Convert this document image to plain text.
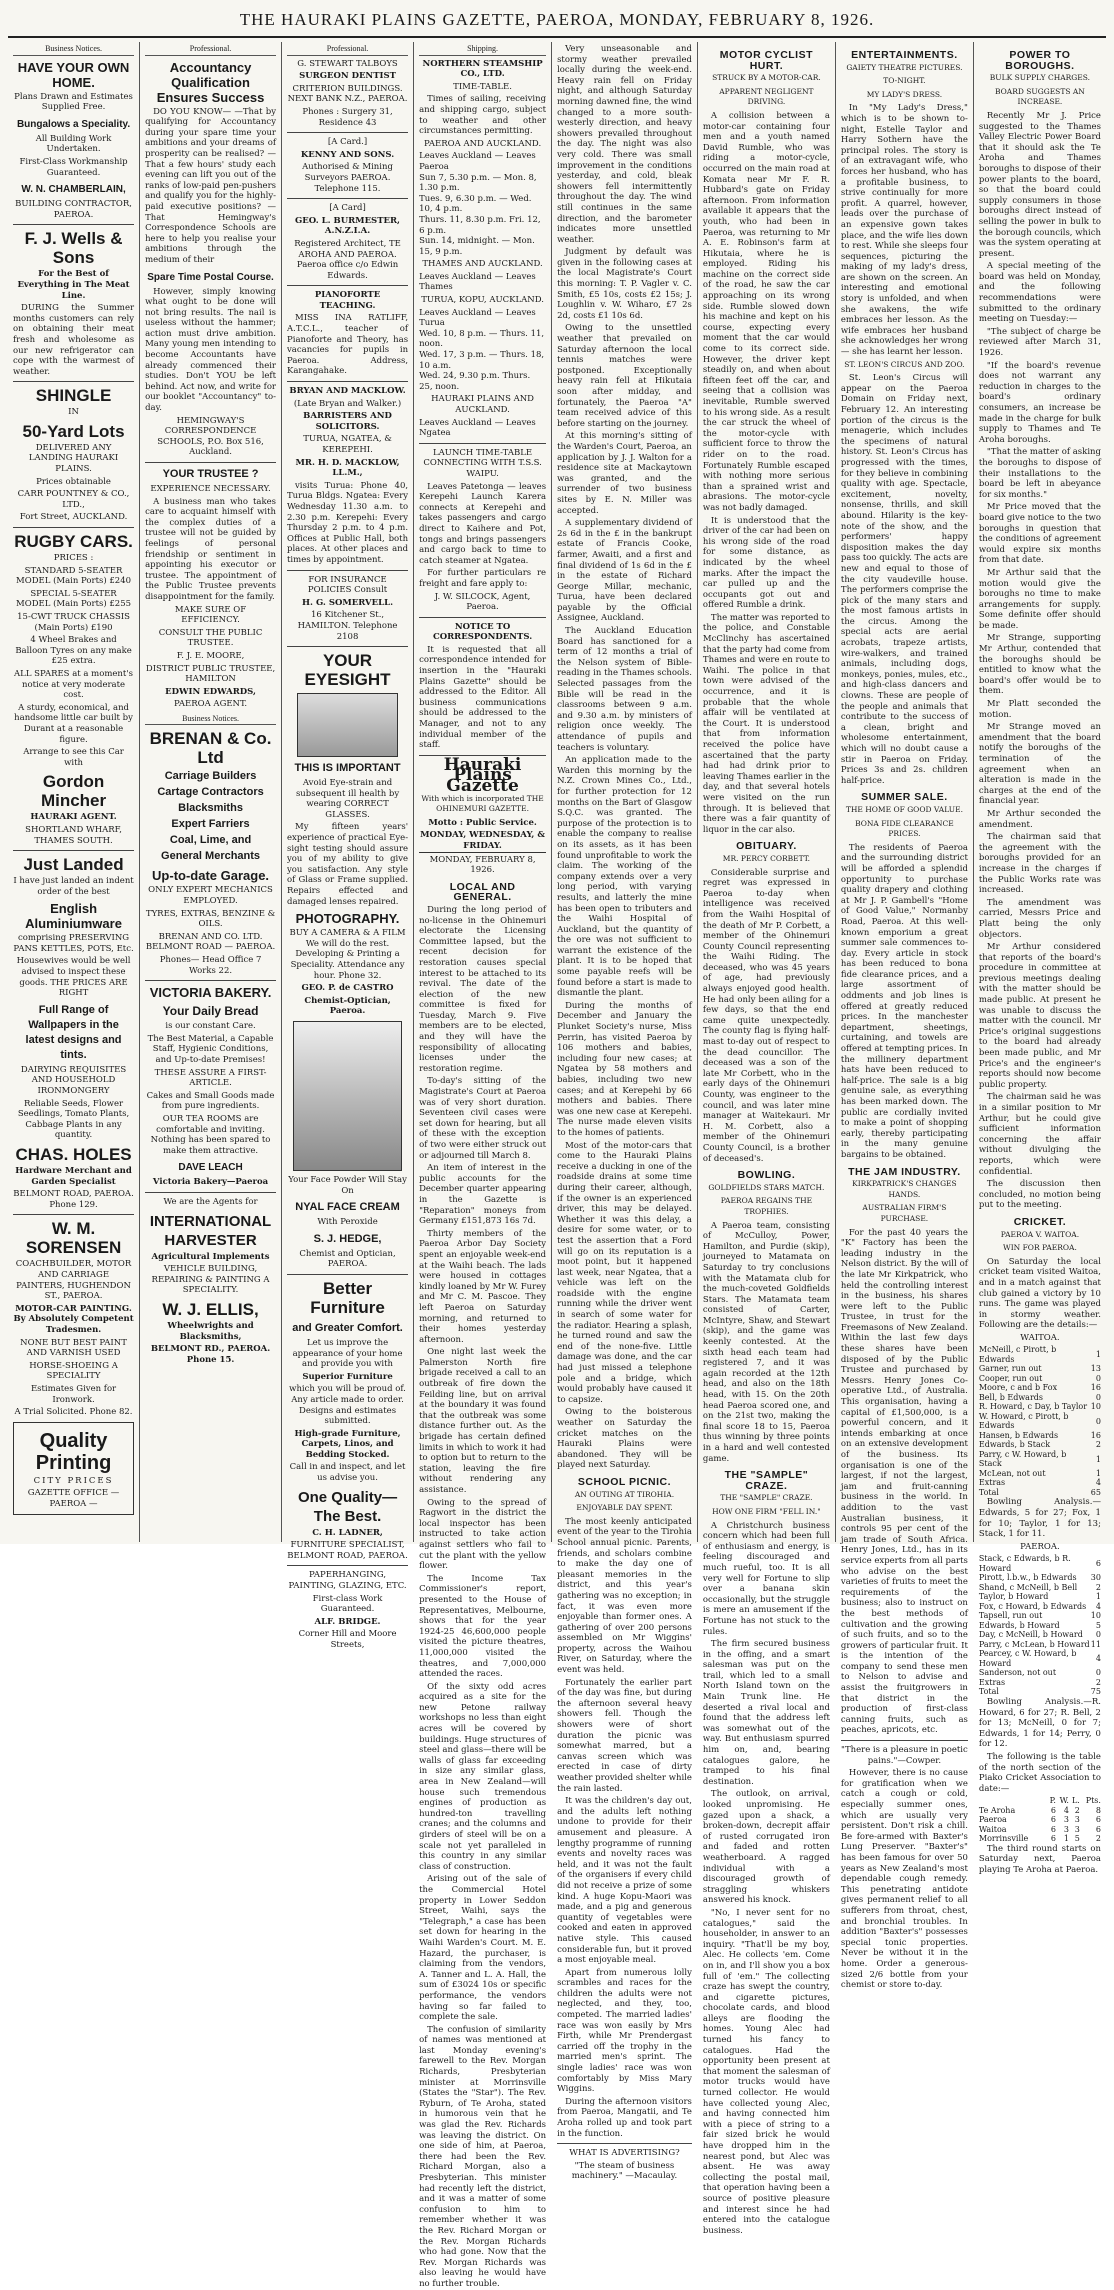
THE HAURAKI PLAINS GAZETTE, PAEROA, MONDAY, FEBRUARY 8, 1926.
Business Notices.
HAVE YOUR OWN HOME.
Plans Drawn and Estimates Supplied Free.
Bungalows a Speciality.
All Building Work Undertaken.
First-Class Workmanship Guaranteed.
W. N. CHAMBERLAIN,
BUILDING CONTRACTOR, PAEROA.
F. J. Wells & Sons
For the Best of Everything in The Meat Line.
DURING the Summer months customers can rely on obtaining their meat fresh and wholesome as our new refrigerator can cope with the warmest of weather.
SHINGLE
IN
50-Yard Lots
DELIVERED ANY LANDING HAURAKI PLAINS.
Prices obtainable
CARR POUNTNEY & CO., LTD.,
Fort Street, AUCKLAND.
RUGBY CARS.
PRICES :
STANDARD 5-SEATER MODEL (Main Ports) £240
SPECIAL 5-SEATER MODEL (Main Ports) £255
15-CWT TRUCK CHASSIS (Main Ports) £190
4 Wheel Brakes and Balloon Tyres on any make £25 extra.
ALL SPARES at a moment's notice at very moderate cost.
A sturdy, economical, and handsome little car built by Durant at a reasonable figure.
Arrange to see this Car with
Gordon Mincher
HAURAKI AGENT.
SHORTLAND WHARF, THAMES SOUTH.
Just Landed
I have just landed an indent order of the best
English Aluminiumware
comprising PRESERVING PANS KETTLES, POTS, Etc.
Housewives would be well advised to inspect these goods. THE PRICES ARE RIGHT
Full Range of Wallpapers in the latest designs and tints.
DAIRYING REQUISITES AND HOUSEHOLD IRONMONGERY
Reliable Seeds, Flower Seedlings, Tomato Plants, Cabbage Plants in any quantity.
CHAS. HOLES
Hardware Merchant and Garden Specialist
BELMONT ROAD, PAEROA. Phone 129.
W. M. SORENSEN
COACHBUILDER, MOTOR AND CARRIAGE PAINTERS, HUGHENDON ST., PAEROA.
MOTOR-CAR PAINTING. By Absolutely Competent Tradesmen.
NONE BUT BEST PAINT AND VARNISH USED
HORSE-SHOEING A SPECIALITY
Estimates Given for Ironwork.
A Trial Solicited. Phone 82.
Quality Printing
CITY PRICES
GAZETTE OFFICE — PAEROA —
Professional.
Accountancy Qualification Ensures Success
DO YOU KNOW— —That by qualifying for Accountancy during your spare time your ambitions and your dreams of prosperity can be realised? —That a few hours' study each evening can lift you out of the ranks of low-paid pen-pushers and qualify you for the highly-paid executive positions? —That Hemingway's Correspondence Schools are here to help you realise your ambitions through the medium of their
Spare Time Postal Course.
However, simply knowing what ought to be done will not bring results. The nail is useless without the hammer; action must drive ambition. Many young men intending to become Accountants have already commenced their studies. Don't YOU be left behind. Act now, and write for our booklet "Accountancy" to-day.
HEMINGWAY'S CORRESPONDENCE SCHOOLS, P.O. Box 516, Auckland.
YOUR TRUSTEE ?
EXPERIENCE NECESSARY.
A business man who takes care to acquaint himself with the complex duties of a trustee will not be guided by feelings of personal friendship or sentiment in appointing his executor or trustee. The appointment of the Public Trustee prevents disappointment for the family.
MAKE SURE OF EFFICIENCY.
CONSULT THE PUBLIC TRUSTEE.
F. J. E. MOORE,
DISTRICT PUBLIC TRUSTEE, HAMILTON
EDWIN EDWARDS,
PAEROA AGENT.
Business Notices.
BRENAN & Co. Ltd
Carriage Builders
Cartage Contractors
Blacksmiths
Expert Farriers
Coal, Lime, and
General Merchants
Up-to-date Garage.
ONLY EXPERT MECHANICS EMPLOYED.
TYRES, EXTRAS, BENZINE & OILS.
BRENAN AND CO. LTD. BELMONT ROAD — PAEROA.
Phones— Head Office 7 Works 22.
VICTORIA BAKERY.
Your Daily Bread
is our constant Care.
The Best Material, a Capable Staff, Hygienic Conditions, and Up-to-date Premises!
THESE ASSURE A FIRST-ARTICLE.
Cakes and Small Goods made from pure ingredients.
OUR TEA ROOMS are comfortable and inviting. Nothing has been spared to make them attractive.
DAVE LEACH
Victoria Bakery—Paeroa
We are the Agents for
INTERNATIONAL HARVESTER
Agricultural Implements
VEHICLE BUILDING, REPAIRING & PAINTING A SPECIALITY.
W. J. ELLIS,
Wheelwrights and Blacksmiths,
BELMONT RD., PAEROA. Phone 15.
Professional.
G. STEWART TALBOYS
SURGEON DENTIST
CRITERION BUILDINGS. NEXT BANK N.Z., PAEROA.
Phones : Surgery 31, Residence 43
[A Card.]
KENNY AND SONS.
Authorised & Mining Surveyors PAEROA. Telephone 115.
[A Card]
GEO. L. BURMESTER, A.N.Z.I.A.
Registered Architect, TE AROHA AND PAEROA. Paeroa office c/o Edwin Edwards.
PIANOFORTE TEACHING.
MISS INA RATLIFF, A.T.C.L., teacher of Pianoforte and Theory, has vacancies for pupils in Paeroa. Address, Karangahake.
BRYAN AND MACKLOW.
(Late Bryan and Walker.)
BARRISTERS AND SOLICITORS.
TURUA, NGATEA, & KEREPEHI.
MR. H. D. MACKLOW, LL.M.,
visits Turua: Phone 40, Turua Bldgs. Ngatea: Every Wednesday 11.30 a.m. to 2.30 p.m. Kerepehi: Every Thursday 2 p.m. to 4 p.m. Offices at Public Hall, both places. At other places and times by appointment.
FOR INSURANCE POLICIES Consult
H. G. SOMERVELL.
16 Kitchener St., HAMILTON. Telephone 2108
YOUR EYESIGHT
THIS IS IMPORTANT
Avoid Eye-strain and subsequent ill health by wearing CORRECT GLASSES.
My fifteen years' experience of practical Eye-sight testing should assure you of my ability to give you satisfaction. Any style of Glass or Frame supplied. Repairs effected and damaged lenses repaired.
PHOTOGRAPHY.
BUY A CAMERA & A FILM We will do the rest. Developing & Printing a Speciality. Attendance any hour. Phone 32.
GEO. P. de CASTRO
Chemist-Optician, Paeroa.
Your Face Powder Will Stay On
NYAL FACE CREAM
With Peroxide
S. J. HEDGE,
Chemist and Optician, PAEROA.
Better Furniture
and Greater Comfort.
Let us improve the appearance of your home and provide you with
Superior Furniture
which you will be proud of. Any article made to order. Designs and estimates submitted.
High-grade Furniture, Carpets, Linos, and Bedding Stocked.
Call in and inspect, and let us advise you.
One Quality—The Best.
C. H. LADNER,
FURNITURE SPECIALIST, BELMONT ROAD, PAEROA.
PAPERHANGING, PAINTING, GLAZING, ETC.
First-class Work Guaranteed.
ALF. BRIDGE.
Corner Hill and Moore Streets,
Shipping.
NORTHERN STEAMSHIP CO., LTD.
TIME-TABLE.
Times of sailing, receiving and shipping cargo, subject to weather and other circumstances permitting.
PAEROA AND AUCKLAND.
Leaves Auckland — Leaves Paeroa
Sun 7, 5.30 p.m. — Mon. 8, 1.30 p.m.
Tues. 9, 6.30 p.m. — Wed. 10, 4 p.m.
Thurs. 11, 8.30 p.m. Fri. 12, 6 p.m.
Sun. 14, midnight. — Mon. 15, 9 p.m.
THAMES AND AUCKLAND.
Leaves Auckland — Leaves Thames
TURUA, KOPU, AUCKLAND.
Leaves Auckland — Leaves Turua
Wed. 10, 8 p.m. — Thurs. 11, noon.
Wed. 17, 3 p.m. — Thurs. 18, 10 a.m.
Wed. 24, 9.30 p.m. Thurs. 25, noon.
HAURAKI PLAINS AND AUCKLAND.
Leaves Auckland — Leaves Ngatea
LAUNCH TIME-TABLE CONNECTING WITH T.S.S. WAIPU.
Leaves Patetonga — leaves Kerepehi Launch Karera connects at Kerepehi and takes passengers and cargo direct to Kaihere and Pot, tongs and brings passengers and cargo back to time to catch steamer at Ngatea.
For further particulars re freight and fare apply to:
J. W. SILCOCK, Agent, Paeroa.
NOTICE TO CORRESPONDENTS.
It is requested that all correspondence intended for insertion in the "Hauraki Plains Gazette" should be addressed to the Editor. All business communications should be addressed to the Manager, and not to any individual member of the staff.
Hauraki Plains Gazette
With which is incorporated THE OHINEMURI GAZETTE.
Motto : Public Service.
MONDAY, WEDNESDAY, & FRIDAY.
MONDAY, FEBRUARY 8, 1926.
LOCAL AND GENERAL.
During the long period of no-license in the Ohinemuri electorate the Licensing Committee lapsed, but the recent decision for restoration causes special interest to be attached to its revival. The date of the election of the new committee is fixed for Tuesday, March 9. Five members are to be elected, and they will have the responsibility of allocating licenses under the restoration regime.
To-day's sitting of the Magistrate's Court at Paeroa was of very short duration. Seventeen civil cases were set down for hearing, but all of these with the exception of two were either struck out or adjourned till March 8.
An item of interest in the public accounts for the December quarter appearing in the Gazette is "Reparation" moneys from Germany £151,873 16s 7d.
Thirty members of the Paeroa Arbor Day Society spent an enjoyable week-end at the Waihi beach. The lads were housed in cottages kindly loaned by Mr W. Furey and Mr C. M. Pascoe. They left Paeroa on Saturday morning, and returned to their homes yesterday afternoon.
One night last week the Palmerston North fire brigade received a call to an outbreak of fire down the Feilding line, but on arrival at the boundary it was found that the outbreak was some distance further out. As the brigade has certain defined limits in which to work it had to option but to return to the station, leaving the fire without rendering any assistance.
Owing to the spread of Ragwort in the district the local inspector has been instructed to take action against settlers who fail to cut the plant with the yellow flower.
The Income Tax Commissioner's report, presented to the House of Representatives, Melbourne, shows that for the year 1924-25 46,600,000 people visited the picture theatres, 11,000,000 visited the theatres, and 7,000,000 attended the races.
Of the sixty odd acres acquired as a site for the new Petone railway workshops no less than eight acres will be covered by buildings. Huge structures of steel and glass—there will be walls of glass far exceeding in size any similar glass, area in New Zealand—will house such tremendous engines of production as hundred-ton travelling cranes; and the columns and girders of steel will be on a scale not yet paralleled in this country in any similar class of construction.
Arising out of the sale of the Commercial Hotel property in Lower Seddon Street, Waihi, says the "Telegraph," a case has been set down for hearing in the Waihi Warden's Court. M. E. Hazard, the purchaser, is claiming from the vendors, A. Tanner and L. A. Hall, the sum of £3024 10s or specific performance, the vendors having so far failed to complete the sale.
The confusion of similarity of names was mentioned at last Monday evening's farewell to the Rev. Morgan Richards, Presbyterian minister at Morrinsville (States the "Star"). The Rev. Ryburn, of Te Aroha, stated in humorous vein that he was glad the Rev. Richards was leaving the district. On one side of him, at Paeroa, there had been the Rev. Richard Morgan, also a Presbyterian. This minister had recently left the district, and it was a matter of some confusion to him to remember whether it was the Rev. Richard Morgan or the Rev. Morgan Richards who had gone. Now that the Rev. Morgan Richards was also leaving he would have no further trouble.
Very unseasonable and stormy weather prevailed locally during the week-end. Heavy rain fell on Friday night, and although Saturday morning dawned fine, the wind changed to a more south-westerly direction, and heavy showers prevailed throughout the day. The night was also very cold. There was small improvement in the conditions yesterday, and cold, bleak showers fell intermittently throughout the day. The wind still continues in the same direction, and the barometer indicates more unsettled weather.
Judgment by default was given in the following cases at the local Magistrate's Court this morning: T. P. Vagler v. C. Smith, £5 10s, costs £2 15s; J. Loughlin v. W. Wiharo, £7 2s 2d, costs £1 10s 6d.
Owing to the unsettled weather that prevailed on Saturday afternoon the local tennis matches were postponed. Exceptionally heavy rain fell at Hikutaia soon after midday, and fortunately, the Paeroa "A" team received advice of this before starting on the journey.
At this morning's sitting of the Warden's Court, Paeroa, an application by J. J. Walton for a residence site at Mackaytown was granted, and the surrender of two business sites by E. N. Miller was accepted.
A supplementary dividend of 2s 6d in the £ in the bankrupt estate of Francis Cooke, farmer, Awaiti, and a first and final dividend of 1s 6d in the £ in the estate of Richard George Millar, mechanic, Turua, have been declared payable by the Official Assignee, Auckland.
The Auckland Education Board has sanctioned for a term of 12 months a trial of the Nelson system of Bible-reading in the Thames schools. Selected passages from the Bible will be read in the classrooms between 9 a.m. and 9.30 a.m. by ministers of religion once weekly. The attendance of pupils and teachers is voluntary.
An application made to the Warden this morning by the N.Z. Crown Mines Co., Ltd., for further protection for 12 months on the Bart of Glasgow S.Q.C. was granted. The purpose of the protection is to enable the company to realise on its assets, as it has been found unprofitable to work the claim. The working of the company extends over a very long period, with varying results, and latterly the mine has been open to tributers and the Waihi Hospital of Auckland, but the quantity of the ore was not sufficient to warrant the existence of the plant. It is to be hoped that some payable reefs will be found before a start is made to dismantle the plant.
During the months of December and January the Plunket Society's nurse, Miss Perrin, has visited Paeroa by 106 mothers and babies, including four new cases; at Ngatea by 58 mothers and babies, including two new cases; and at Kerepehi by 66 mothers and babies. There was one new case at Kerepehi. The nurse made eleven visits to the homes of patients.
Most of the motor-cars that come to the Hauraki Plains receive a ducking in one of the roadside drains at some time during their career, although, if the owner is an experienced driver, this may be delayed. Whether it was this delay, a desire for some water, or to test the assertion that a Ford will go on its reputation is a moot point, but it happened last week, near Ngatea, that a vehicle was left on the roadside with the engine running while the driver went in search of some water for the radiator. Hearing a splash, he turned round and saw the end of the none-five. Little damage was done, and the car had just missed a telephone pole and a bridge, which would probably have caused it to capsize.
Owing to the boisterous weather on Saturday the cricket matches on the Hauraki Plains were abandoned. They will be played next Saturday.
SCHOOL PICNIC.
AN OUTING AT TIROHIA.
ENJOYABLE DAY SPENT.
The most keenly anticipated event of the year to the Tirohia School annual picnic. Parents, friends, and scholars combine to make the day one of pleasant memories in the district, and this year's gathering was no exception; in fact, it was even more enjoyable than former ones. A gathering of over 200 persons assembled on Mr Wiggins' property, across the Waihou River, on Saturday, where the event was held.
Fortunately the earlier part of the day was fine, but during the afternoon several heavy showers fell. Though the showers were of short duration the picnic was somewhat marred, but a canvas screen which was erected in case of dirty weather provided shelter while the rain lasted.
It was the children's day out, and the adults left nothing undone to provide for their amusement and pleasure. A lengthy programme of running events and novelty races was held, and it was not the fault of the organisers if every child did not receive a prize of some kind. A huge Kopu-Maori was made, and a pig and generous quantity of vegetables were cooked and eaten in approved native style. This caused considerable fun, but it proved a most enjoyable meal.
Apart from numerous lolly scrambles and races for the children the adults were not neglected, and they, too, competed. The married ladies' race was won easily by Mrs Firth, while Mr Prendergast carried off the trophy in the married men's sprint. The single ladies' race was won comfortably by Miss Mary Wiggins.
During the afternoon visitors from Paeroa, Mangatii, and Te Aroha rolled up and took part in the function.
WHAT IS ADVERTISING?
"The steam of business machinery." —Macaulay.
MOTOR CYCLIST HURT.
STRUCK BY A MOTOR-CAR.
APPARENT NEGLIGENT DRIVING.
A collision between a motor-car containing four men and a youth named David Rumble, who was riding a motor-cycle, occurred on the main road at Komata near Mr F. R. Hubbard's gate on Friday afternoon. From information available it appears that the youth, who had been in Paeroa, was returning to Mr A. E. Robinson's farm at Hikutaia, where he is employed. Riding his machine on the correct side of the road, he saw the car approaching on its wrong side. Rumble slowed down his machine and kept on his course, expecting every moment that the car would come to its correct side. However, the driver kept steadily on, and when about fifteen feet off the car, and seeing that a collision was inevitable, Rumble swerved to his wrong side. As a result the car struck the wheel of the motor-cycle with sufficient force to throw the rider on to the road. Fortunately Rumble escaped with nothing more serious than a sprained wrist and abrasions. The motor-cycle was not badly damaged.
It is understood that the driver of the car had been on his wrong side of the road for some distance, as indicated by the wheel marks. After the impact the car pulled up and the occupants got out and offered Rumble a drink.
The matter was reported to the police, and Constable McClinchy has ascertained that the party had come from Thames and were en route to Waihi. The police in that town were advised of the occurrence, and it is probable that the whole affair will be ventilated at the Court. It is understood that from information received the police have ascertained that the party had had drink prior to leaving Thames earlier in the day, and that several hotels were visited on the run through. It is believed that there was a fair quantity of liquor in the car also.
OBITUARY.
MR. PERCY CORBETT.
Considerable surprise and regret was expressed in Paeroa to-day when intelligence was received from the Waihi Hospital of the death of Mr P. Corbett, a member of the Ohinemuri County Council representing the Waihi Riding. The deceased, who was 45 years of age, had previously always enjoyed good health. He had only been ailing for a few days, so that the end came quite unexpectedly. The county flag is flying half-mast to-day out of respect to the dead councillor. The deceased was a son of the late Mr Corbett, who in the early days of the Ohinemuri County, was engineer to the council, and was later mine manager at Waitekauri. Mr H. M. Corbett, also a member of the Ohinemuri County Council, is a brother of deceased's.
BOWLING.
GOLDFIELDS STARS MATCH.
PAEROA REGAINS THE TROPHIES.
A Paeroa team, consisting of McCulloy, Power, Hamilton, and Purdie (skip), journeyed to Matamata on Saturday to try conclusions with the Matamata club for the much-coveted Goldfields Stars. The Matamata team consisted of Carter, McIntyre, Shaw, and Stewart (skip), and the game was keenly contested. At the sixth head each team had registered 7, and it was again recorded at the 12th head, and also on the 18th head, with 15. On the 20th head Paeroa scored one, and on the 21st two, making the final score 18 to 15, Paeroa thus winning by three points in a hard and well contested game.
THE "SAMPLE" CRAZE.
THE "SAMPLE" CRAZE.
HOW ONE FIRM "FELL IN."
A Christchurch business concern which had been full of enthusiasm and energy, is feeling discouraged and much rueful, too. It is all very well for Fortune to slip over a banana skin occasionally, but the struggle is mere an amusement if the Fortune has not stuck to the rules.
The firm secured business in the offing, and a smart salesman was put on the trail, which led to a small North Island town on the Main Trunk line. He deserted a rival local and found that the address left was somewhat out of the way. But enthusiasm spurred him on, and, bearing catalogues galore, he tramped to his final destination.
The outlook, on arrival, looked unpromising. He gazed upon a shack, a broken-down, decrepit affair of rusted corrugated iron and faded and rotten weatherboard. A ragged individual with a discouraged growth of straggling whiskers answered his knock.
"No, I never sent for no catalogues," said the householder, in answer to an inquiry. "That'll be my boy, Alec. He collects 'em. Come on in, and I'll show you a box full of 'em." The collecting craze has swept the country, and cigarette pictures, chocolate cards, and blood alleys are flooding the homes. Young Alec had turned his fancy to catalogues. Had the opportunity been present at that moment the salesman of motor trucks would have turned collector. He would have collected young Alec, and having connected him with a piece of string to a fair sized brick he would have dropped him in the nearest pond, but Alec was absent. He was away collecting the postal mail, that operation having been a source of positive pleasure and interest since he had entered into the catalogue business.
ENTERTAINMENTS.
GAIETY THEATRE PICTURES.
TO-NIGHT.
MY LADY'S DRESS.
In "My Lady's Dress," which is to be shown to-night, Estelle Taylor and Harry Sothern have the principal roles. The story is of an extravagant wife, who forces her husband, who has a profitable business, to strive continually for more profit. A quarrel, however, leads over the purchase of an expensive gown takes place, and the wife lies down to rest. While she sleeps four sequences, picturing the making of my lady's dress, are shown on the screen. An interesting and emotional story is unfolded, and when she awakens, the wife embraces her lesson. As the wife embraces her husband she acknowledges her wrong — she has learnt her lesson.
ST. LEON'S CIRCUS AND ZOO.
St. Leon's Circus will appear on the Paeroa Domain on Friday next, February 12. An interesting portion of the circus is the menagerie, which includes the specimens of natural history. St. Leon's Circus has progressed with the times, for they believe in combining quality with age. Spectacle, excitement, novelty, nonsense, thrills, and skill abound. Hilarity is the key-note of the show, and the performers' happy disposition makes the day pass too quickly. The acts are new and equal to those of the city vaudeville house. The performers comprise the pick of the many stars and the most famous artists in the circus. Among the special acts are aerial acrobats, trapeze artists, wire-walkers, and trained animals, including dogs, monkeys, ponies, mules, etc., and high-class dancers and clowns. These are people of the people and animals that contribute to the success of a clean, bright and wholesome entertainment, which will no doubt cause a stir in Paeroa on Friday. Prices 3s and 2s. children half-price.
SUMMER SALE.
THE HOME OF GOOD VALUE.
BONA FIDE CLEARANCE PRICES.
The residents of Paeroa and the surrounding district will be afforded a splendid opportunity to purchase quality drapery and clothing at Mr J. P. Gambell's "Home of Good Value," Normanby Road, Paeroa. At this well-known emporium a great summer sale commences to-day. Every article in stock has been reduced to bona fide clearance prices, and a large assortment of oddments and job lines is offered at greatly reduced prices. In the manchester department, sheetings, curtaining, and towels are offered at tempting prices. In the millinery department hats have been reduced to half-price. The sale is a big genuine sale, as everything has been marked down. The public are cordially invited to make a point of shopping early, thereby participating in the many genuine bargains to be obtained.
THE JAM INDUSTRY.
KIRKPATRICK'S CHANGES HANDS.
AUSTRALIAN FIRM'S PURCHASE.
For the past 40 years the "K" Factory has been the leading industry in the Nelson district. By the will of the late Mr Kirkpatrick, who held the controlling interest in the business, his shares were left to the Public Trustee, in trust for the Freemasons of New Zealand. Within the last few days these shares have been disposed of by the Public Trustee and purchased by Messrs. Henry Jones Co-operative Ltd., of Australia. This organisation, having a capital of £1,500,000, is a powerful concern, and it intends embarking at once on an extensive development of the business. Its organisation is one of the largest, if not the largest, jam and fruit-canning business in the world. In addition to the vast Australian business, it controls 95 per cent of the jam trade of South Africa. Henry Jones, Ltd., has in its service experts from all parts who advise on the best varieties of fruits to meet the requirements of the business; also to instruct on the best methods of cultivation and the growing of such fruits, and so to the growers of particular fruit. It is the intention of the company to send these men to Nelson to advise and assist the fruitgrowers in that district in the production of first-class canning fruits, such as peaches, apricots, etc.
"There is a pleasure in poetic pains."—Cowper.
However, there is no cause for gratification when we catch a cough or cold, especially summer ones, which are usually very persistent. Don't risk a chill. Be fore-armed with Baxter's Lung Preserver. "Baxter's" has been famous for over 50 years as New Zealand's most dependable cough remedy. This penetrating antidote gives permanent relief to all sufferers from throat, chest, and bronchial troubles. In addition "Baxter's" possesses special tonic properties. Never be without it in the home. Order a generous-sized 2/6 bottle from your chemist or store to-day.
POWER TO BOROUGHS.
BULK SUPPLY CHARGES.
BOARD SUGGESTS AN INCREASE.
Recently Mr J. Price suggested to the Thames Valley Electric Power Board that it should ask the Te Aroha and Thames boroughs to dispose of their power plants to the board, so that the board could supply consumers in those boroughs direct instead of selling the power in bulk to the borough councils, which was the system operating at present.
A special meeting of the board was held on Monday, and the following recommendations were submitted to the ordinary meeting on Tuesday:—
"The subject of charge be reviewed after March 31, 1926.
"If the board's revenue does not warrant any reduction in charges to the board's ordinary consumers, an increase be made in the charge for bulk supply to Thames and Te Aroha boroughs.
"That the matter of asking the boroughs to dispose of their installations to the board be left in abeyance for six months."
Mr Price moved that the board give notice to the two boroughs in question that the conditions of agreement would expire six months from that date.
Mr Arthur said that the motion would give the boroughs no time to make arrangements for supply. Some definite offer should be made.
Mr Strange, supporting Mr Arthur, contended that the boroughs should be entitled to know what the board's offer would be to them.
Mr Platt seconded the motion.
Mr Strange moved an amendment that the board notify the boroughs of the termination of the agreement when an alteration is made in the charges at the end of the financial year.
Mr Arthur seconded the amendment.
The chairman said that the agreement with the boroughs provided for an increase in the charges if the Public Works rate was increased.
The amendment was carried, Messrs Price and Platt being the only objectors.
Mr Arthur considered that reports of the board's procedure in committee at previous meetings dealing with the matter should be made public. At present he was unable to discuss the matter with the council. Mr Price's original suggestions to the board had already been made public, and Mr Price's and the engineer's reports should now become public property.
The chairman said he was in a similar position to Mr Arthur, but he could give sufficient information concerning the affair without divulging the reports, which were confidential.
The discussion then concluded, no motion being put to the meeting.
CRICKET.
PAEROA V. WAITOA.
WIN FOR PAEROA.
On Saturday the local cricket team visited Waitoa, and in a match against that club gained a victory by 10 runs. The game was played in stormy weather. Following are the details:—
WAITOA.
McNeill, c Pirott, b Edwards	1
Garner, run out	13
Cooper, run out	0
Moore, c and b Fox	16
Bell, b Edwards	0
R. Howard, c Day, b Taylor	10
W. Howard, c Pirott, b Edwards	0
Hansen, b Edwards	16
Edwards, b Stack	2
Parry, c W. Howard, b Stack	1
McLean, not out	1
Extras	4
Total	65
Bowling Analysis.—Edwards, 5 for 27; Fox, 1 for 10; Taylor, 1 for 13; Stack, 1 for 11.
PAEROA.
Stack, c Edwards, b R. Howard	6
Pirott, l.b.w., b Edwards	30
Shand, c McNeill, b Bell	2
Taylor, b Howard	1
Fox, c Howard, b Edwards	4
Tapsell, run out	10
Edwards, b Howard	5
Day, c McNeill, b Howard	0
Parry, c McLean, b Howard	11
Pearcey, c W. Howard, b Howard	4
Sanderson, not out	0
Extras	2
Total	75
Bowling Analysis.—R. Howard, 6 for 27; R. Bell, 2 for 13; McNeill, 0 for 7; Edwards, 1 for 14; Perry, 0 for 12.
The following is the table of the north section of the Piako Cricket Association to date:—
	P.	W.	L.	Pts.
Te Aroha	6	4	2	8
Paeroa	6	3	3	6
Waitoa	6	3	3	6
Morrinsville	6	1	5	2
The third round starts on Saturday next, Paeroa playing Te Aroha at Paeroa.
